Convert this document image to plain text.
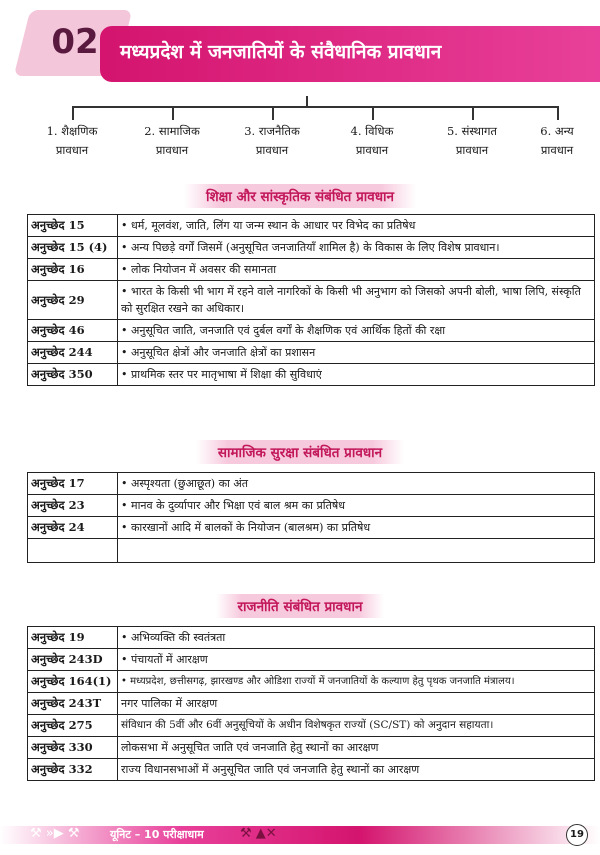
02	मध्यप्रदेश में जनजातियों के संवैधानिक प्रावधान
1. शैक्षणिक
प्रावधान
2. सामाजिक
प्रावधान
3. राजनैतिक
प्रावधान
4. विधिक
प्रावधान
5. संस्थागत
प्रावधान
6. अन्य
प्रावधान
शिक्षा और सांस्कृतिक संबंधित प्रावधान
अनुच्छेद 15	• धर्म, मूलवंश, जाति, लिंग या जन्म स्थान के आधार पर विभेद का प्रतिषेध
अनुच्छेद 15 (4)	• अन्य पिछड़े वर्गों जिसमें (अनुसूचित जनजातियाँ शामिल है) के विकास के लिए विशेष प्रावधान।
अनुच्छेद 16	• लोक नियोजन में अवसर की समानता
अनुच्छेद 29	• भारत के किसी भी भाग में रहने वाले नागरिकों के किसी भी अनुभाग को जिसको अपनी बोली, भाषा लिपि, संस्कृति को सुरक्षित रखने का अधिकार।
अनुच्छेद 46	• अनुसूचित जाति, जनजाति एवं दुर्बल वर्गों के शैक्षणिक एवं आर्थिक हितों की रक्षा
अनुच्छेद 244	• अनुसूचित क्षेत्रों और जनजाति क्षेत्रों का प्रशासन
अनुच्छेद 350	• प्राथमिक स्तर पर मातृभाषा में शिक्षा की सुविधाएं
सामाजिक सुरक्षा संबंधित प्रावधान
अनुच्छेद 17	• अस्पृश्यता (छुआछूत) का अंत
अनुच्छेद 23	• मानव के दुर्व्यापार और भिक्षा एवं बाल श्रम का प्रतिषेध
अनुच्छेद 24	• कारखानों आदि में बालकों के नियोजन (बालश्रम) का प्रतिषेध

राजनीति संबंधित प्रावधान
अनुच्छेद 19	• अभिव्यक्ति की स्वतंत्रता
अनुच्छेद 243D	• पंचायतों में आरक्षण
अनुच्छेद 164(1)	• मध्यप्रदेश, छत्तीसगढ़, झारखण्ड और ओडिशा राज्यों में जनजातियों के कल्याण हेतु पृथक जनजाति मंत्रालय।
अनुच्छेद 243T	नगर पालिका में आरक्षण
अनुच्छेद 275	संविधान की 5वीं और 6वीं अनुसूचियों के अधीन विशेषकृत राज्यों (SC/ST) को अनुदान सहायता।
अनुच्छेद 330	लोकसभा में अनुसूचित जाति एवं जनजाति हेतु स्थानों का आरक्षण
अनुच्छेद 332	राज्य विधानसभाओं में अनुसूचित जाति एवं जनजाति हेतु स्थानों का आरक्षण
⚒ »▶ ⚒	यूनिट – 10 परीक्षाधाम	⚒ ▲✕	19
